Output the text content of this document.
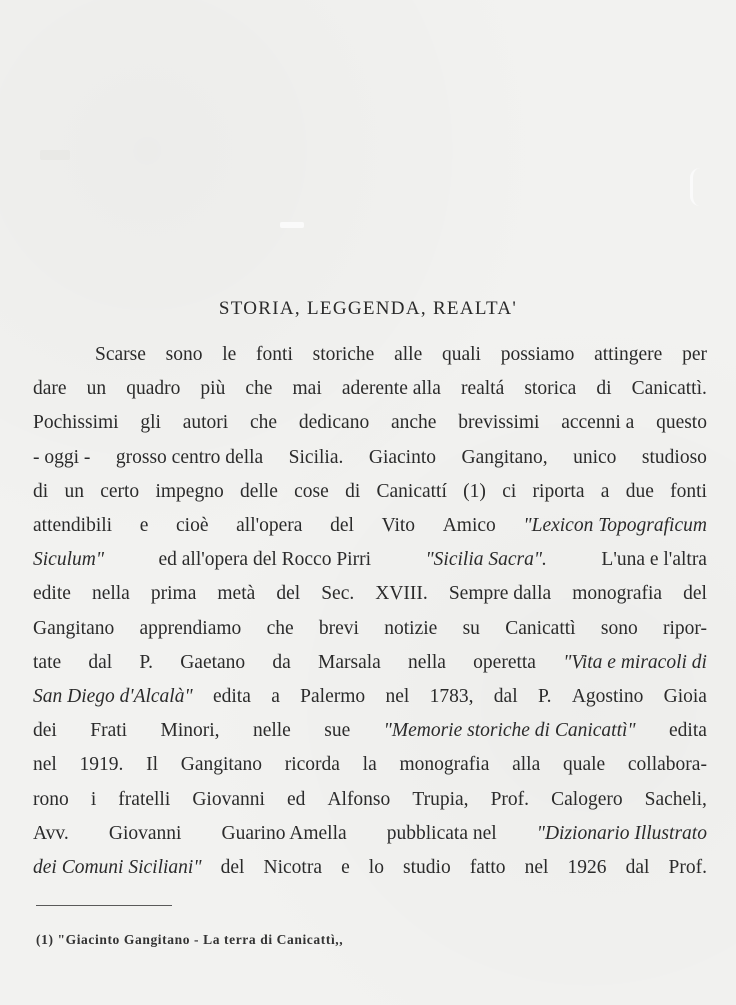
STORIA, LEGGENDA, REALTA'
Scarse sono le fonti storiche alle quali possiamo attingere per
dare un quadro più che mai aderente alla realtá storica di Canicattì.
Pochissimi gli autori che dedicano anche brevissimi accenni a questo
- oggi - grosso centro della Sicilia. Giacinto Gangitano, unico studioso
di un certo impegno delle cose di Canicattí (1) ci riporta a due fonti
attendibili e cioè all'opera del Vito Amico "Lexicon Topograficum
Siculum"	ed all'opera del Rocco Pirri	"Sicilia Sacra".	L'una e l'altra
edite nella prima metà del Sec. XVIII. Sempre dalla monografia del
Gangitano apprendiamo che brevi notizie su Canicattì sono ripor-
tate dal P. Gaetano da Marsala nella operetta "Vita e miracoli di
San Diego d'Alcalà" edita a Palermo nel 1783, dal P. Agostino Gioia
dei Frati Minori, nelle sue "Memorie storiche di Canicattì" edita
nel 1919. Il Gangitano ricorda la monografia alla quale collabora-
rono i fratelli Giovanni ed Alfonso Trupia, Prof. Calogero Sacheli,
Avv. Giovanni Guarino Amella pubblicata nel "Dizionario Illustrato
dei Comuni Siciliani" del Nicotra e lo studio fatto nel 1926 dal Prof.
(1) "Giacinto Gangitano - La terra di Canicattì,,
